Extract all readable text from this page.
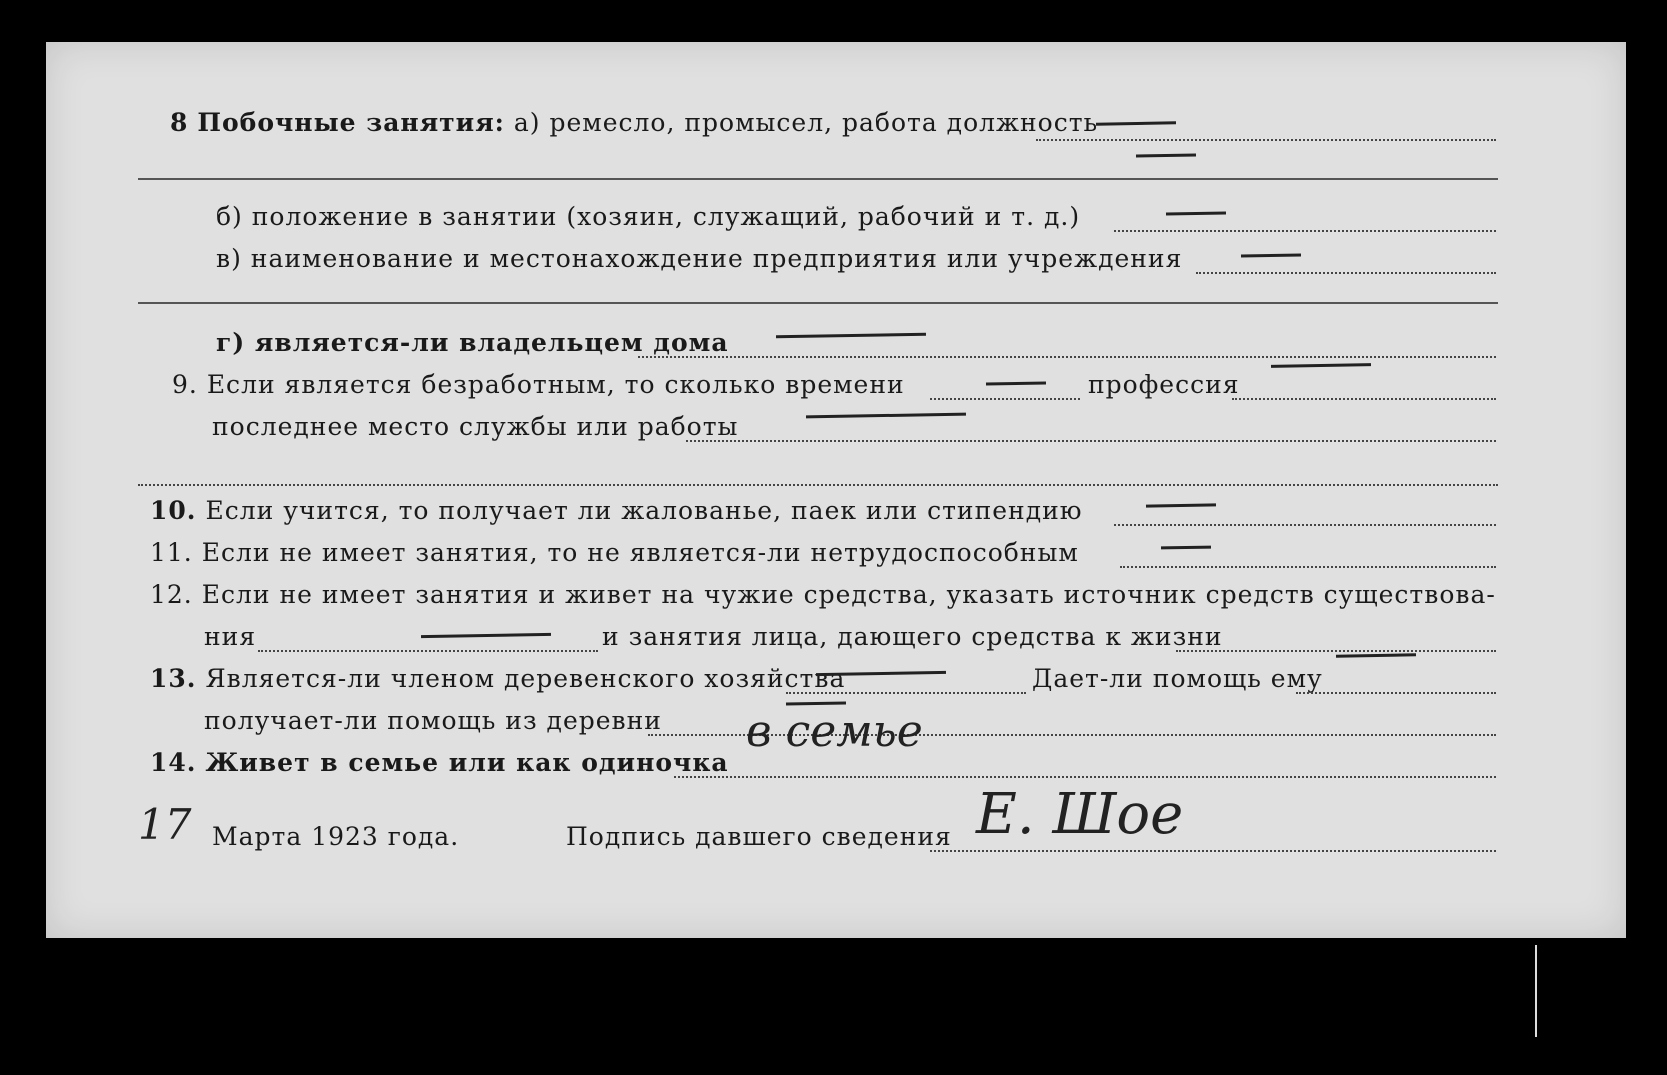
8 Побочные занятия: а) ремесло, промысел, работа должность
б) положение в занятии (хозяин, служащий, рабочий и т. д.)
в) наименование и местонахождение предприятия или учреждения
г) является-ли владельцем дома
9. Если является безработным, то сколько времени	профессия
последнее место службы или работы
10. Если учится, то получает ли жалованье, паек или стипендию
11. Если не имеет занятия, то не является-ли нетрудоспособным
12. Если не имеет занятия и живет на чужие средства, указать источник средств существова-
ния	и занятия лица, дающего средства к жизни
13. Является-ли членом деревенского хозяйства	Дает-ли помощь ему
получает-ли помощь из деревни
14. Живет в семье или как одиночка
в семье
17 Марта 1923 года.	Подпись давшего сведения Е. Шое
